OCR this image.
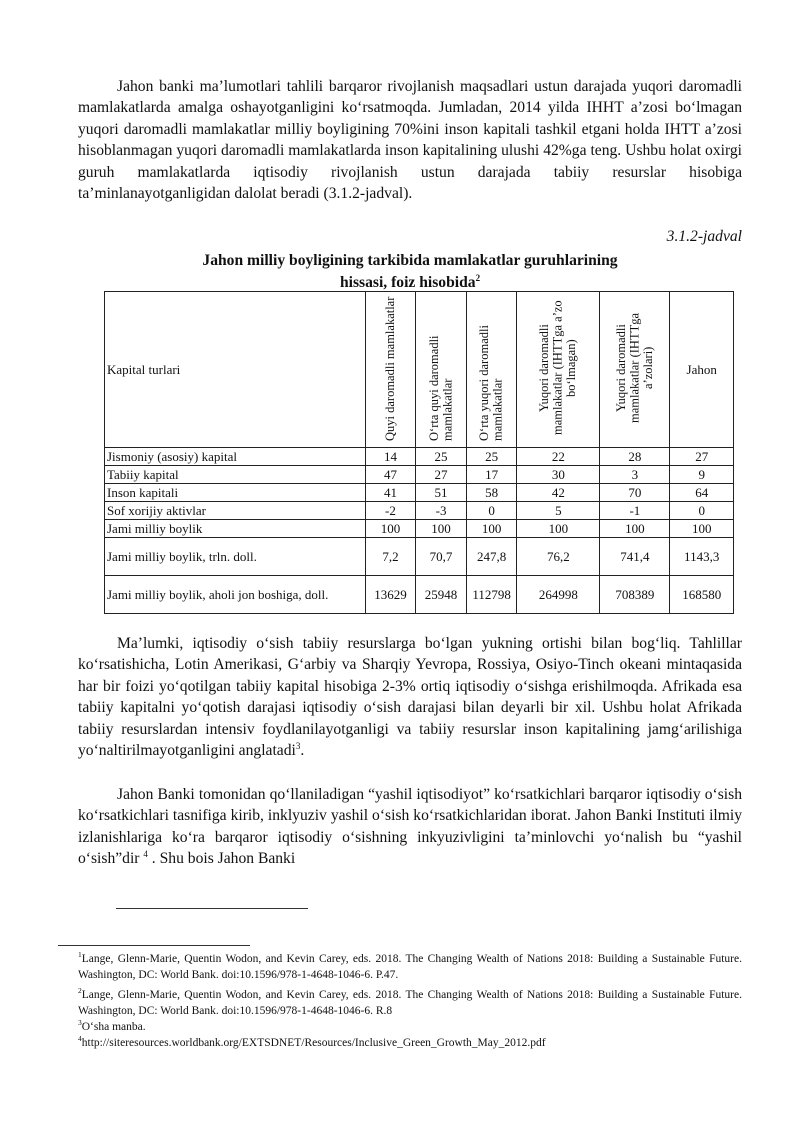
Jahon banki ma’lumotlari tahlili barqaror rivojlanish maqsadlari ustun darajada yuqori daromadli mamlakatlarda amalga oshayotganligini ko‘rsatmoqda. Jumladan, 2014 yilda IHHT a’zosi bo‘lmagan yuqori daromadli mamlakatlar milliy boyligining 70%ini inson kapitali tashkil etgani holda IHTT a’zosi hisoblanmagan yuqori daromadli mamlakatlarda inson kapitalining ulushi 42%ga teng. Ushbu holat oxirgi guruh mamlakatlarda iqtisodiy rivojlanish ustun darajada tabiiy resurslar hisobiga ta’minlanayotganligidan dalolat beradi (3.1.2-jadval).

3.1.2-jadval
Jahon milliy boyligining tarkibida mamlakatlar guruhlarining
hissasi, foiz hisobida$^2$
Kapital turlari	Quyi daromadli mamlakatlar	O‘rta quyi daromadli mamlakatlar	O‘rta yuqori daromadli mamlakatlar	Yuqori daromadli mamlakatlar (IHTTga a’zo bo‘lmagan)	Yuqori daromadli mamlakatlar (IHTTga a’zolari)	Jahon
Jismoniy (asosiy) kapital	14	25	25	22	28	27
Tabiiy kapital	47	27	17	30	3	9
Inson kapitali	41	51	58	42	70	64
Sof xorijiy aktivlar	-2	-3	0	5	-1	0
Jami milliy boylik	100	100	100	100	100	100
Jami milliy boylik, trln. doll.	7,2	70,7	247,8	76,2	741,4	1143,3
Jami milliy boylik, aholi jon boshiga, doll.	13629	25948	112798	264998	708389	168580

Ma’lumki, iqtisodiy o‘sish tabiiy resurslarga bo‘lgan yukning ortishi bilan bog‘liq. Tahlillar ko‘rsatishicha, Lotin Amerikasi, G‘arbiy va Sharqiy Yevropa, Rossiya, Osiyo-Tinch okeani mintaqasida har bir foizi yo‘qotilgan tabiiy kapital hisobiga 2-3% ortiq iqtisodiy o‘sishga erishilmoqda. Afrikada esa tabiiy kapitalni yo‘qotish darajasi iqtisodiy o‘sish darajasi bilan deyarli bir xil. Ushbu holat Afrikada tabiiy resurslardan intensiv foydlanilayotganligi va tabiiy resurslar inson kapitalining jamg‘arilishiga yo‘naltirilmayotganligini anglatadi$^3$.

Jahon Banki tomonidan qo‘llaniladigan “yashil iqtisodiyot” ko‘rsatkichlari barqaror iqtisodiy o‘sish ko‘rsatkichlari tasnifiga kirib, inklyuziv yashil o‘sish ko‘rsatkichlaridan iborat. Jahon Banki Instituti ilmiy izlanishlariga ko‘ra barqaror iqtisodiy o‘sishning inkyuzivligini ta’minlovchi yo‘nalish bu “yashil o‘sish”dir $^4$ . Shu bois Jahon Banki

$^1$Lange, Glenn-Marie, Quentin Wodon, and Kevin Carey, eds. 2018. The Changing Wealth of Nations 2018: Building a Sustainable Future. Washington, DC: World Bank. doi:10.1596/978-1-4648-1046-6. P.47.

$^2$Lange, Glenn-Marie, Quentin Wodon, and Kevin Carey, eds. 2018. The Changing Wealth of Nations 2018: Building a Sustainable Future. Washington, DC: World Bank. doi:10.1596/978-1-4648-1046-6. R.8

$^3$O‘sha manba.

$^4$http://siteresources.worldbank.org/EXTSDNET/Resources/Inclusive_Green_Growth_May_2012.pdf
